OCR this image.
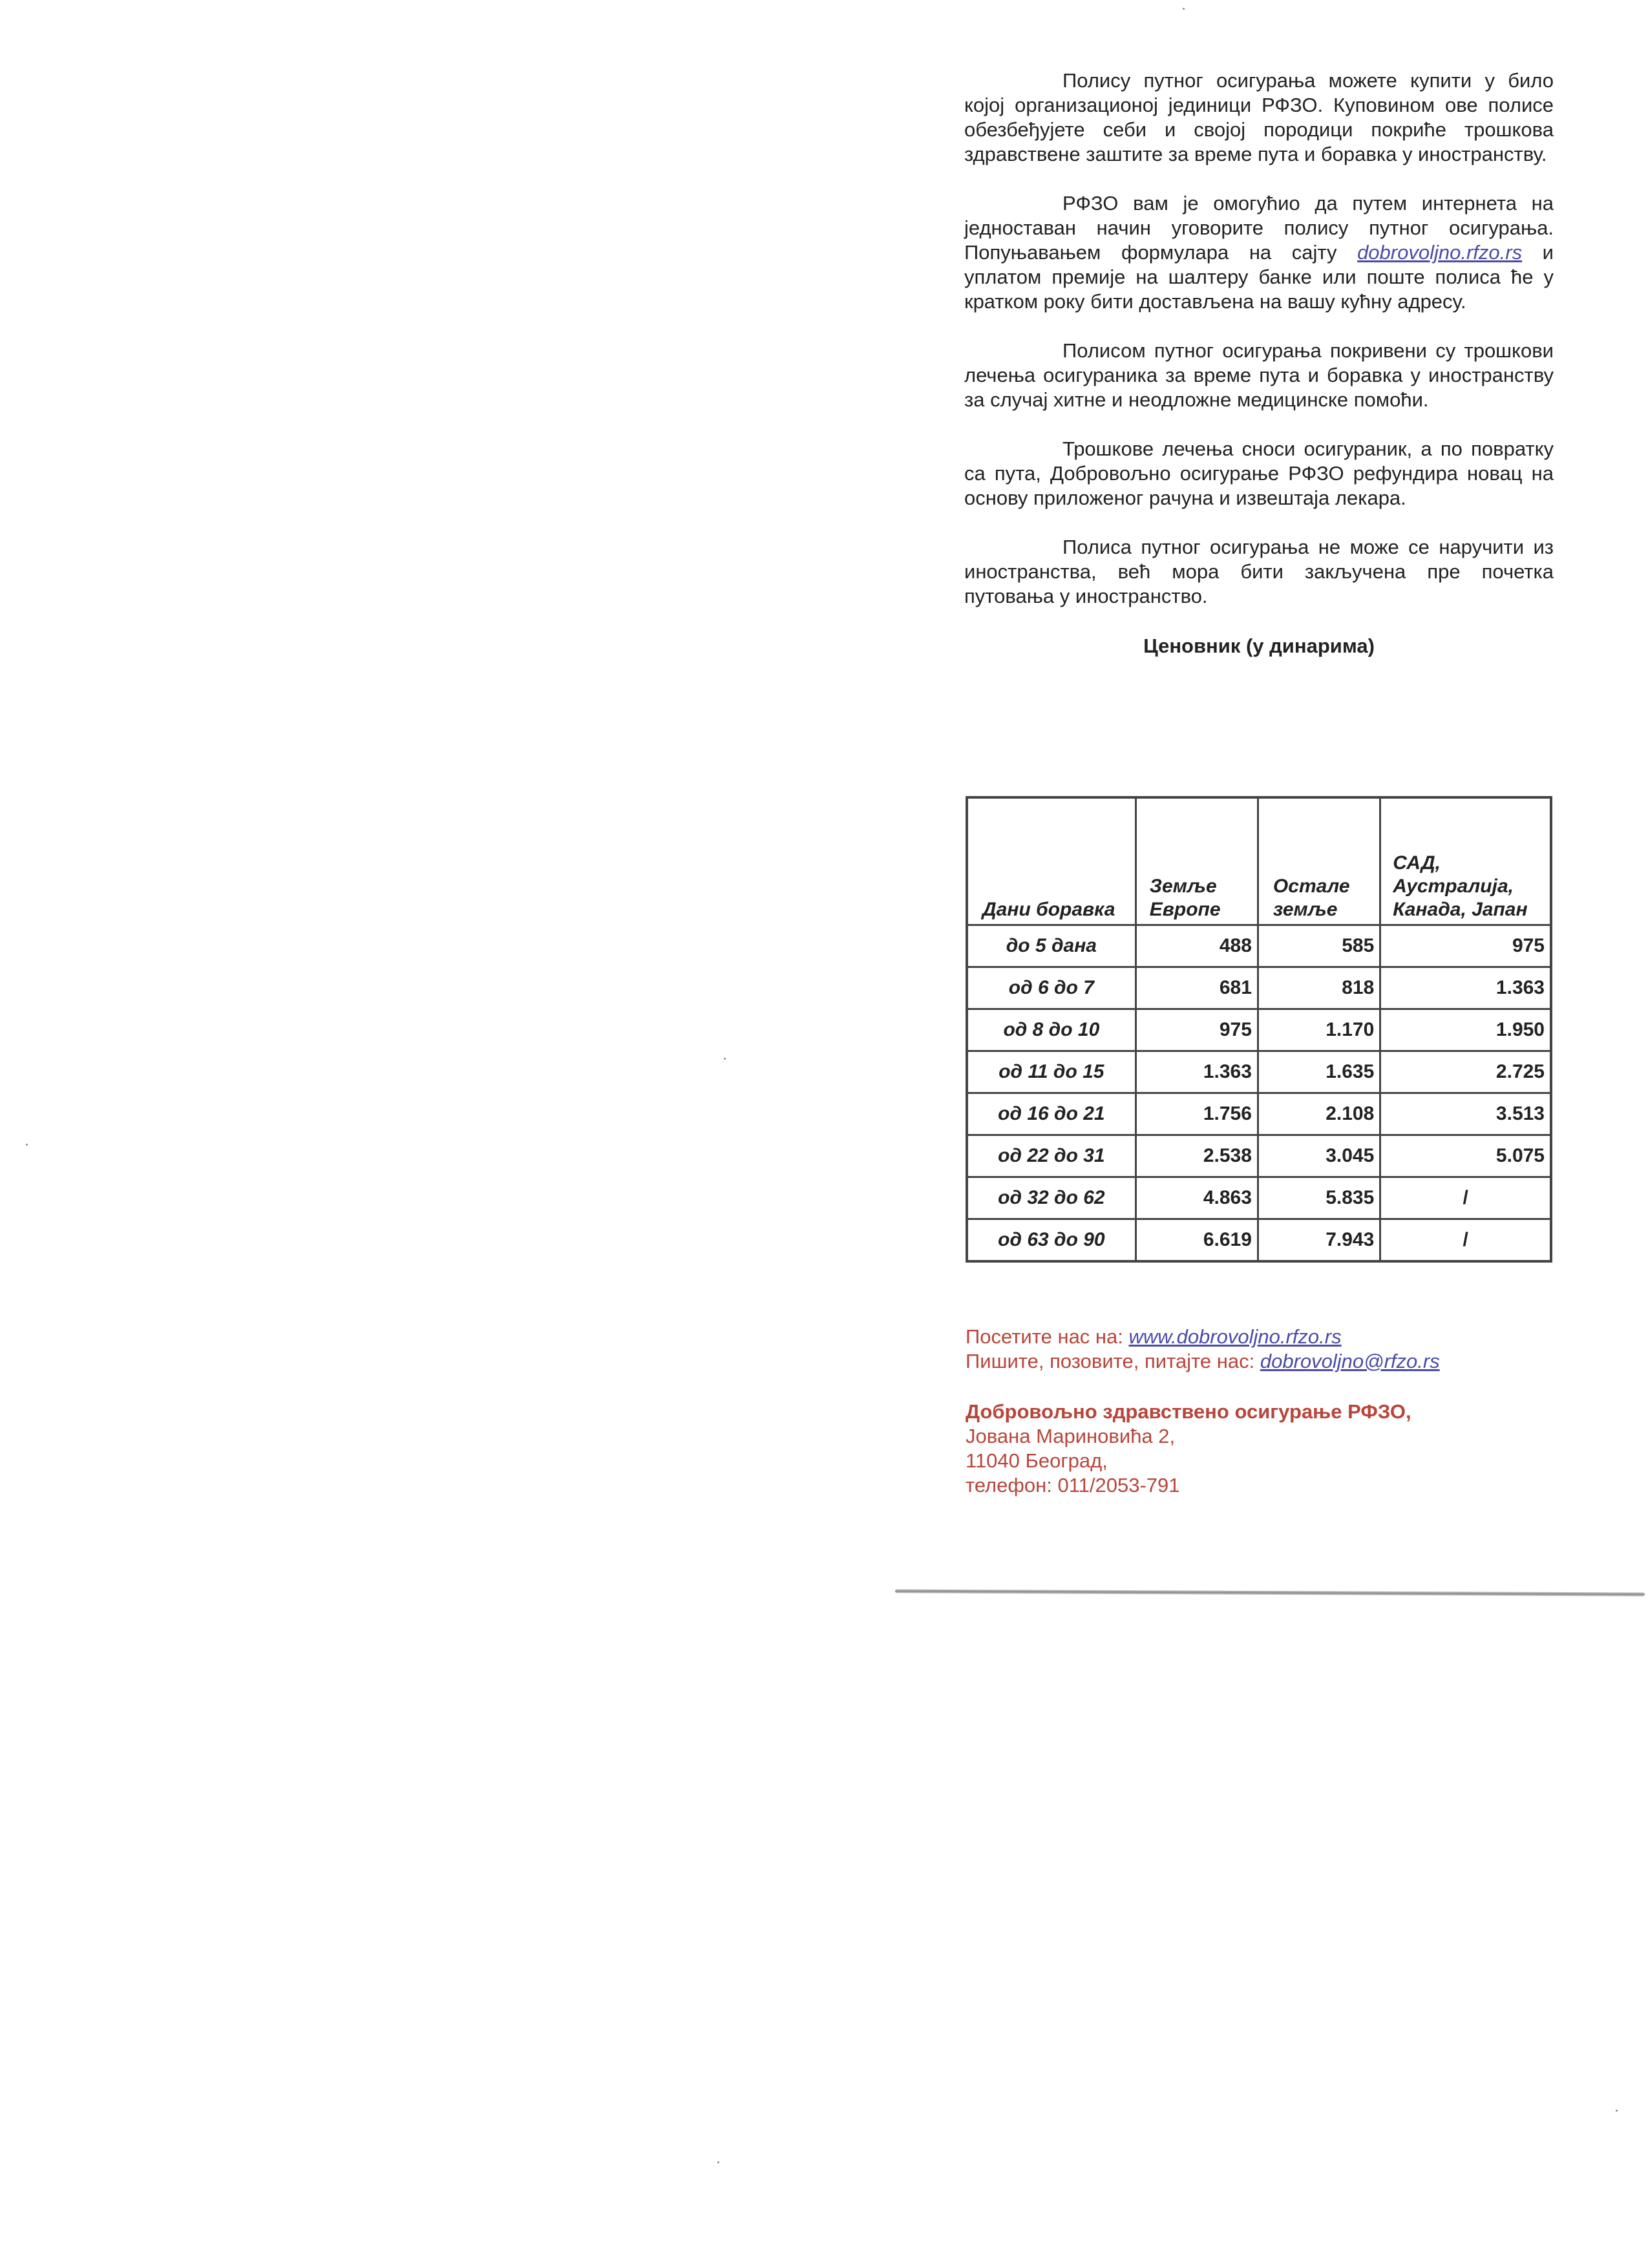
Полису путног осигурања можете купити у било којој организационој јединици РФЗО. Куповином ове полисе обезбеђујете себи и својој породици покриће трошкова здравствене заштите за време пута и боравка у иностранству.

РФЗО вам је омогућио да путем интернета на једноставан начин уговорите полису путног осигурања. Попуњавањем формулара на сајту dobrovoljno.rfzo.rs и уплатом премије на шалтеру банке или поште полиса ће у кратком року бити достављена на вашу кућну адресу.

Полисом путног осигурања покривени су трошкови лечења осигураника за време пута и боравка у иностранству за случај хитне и неодложне медицинске помоћи.

Трошкове лечења сноси осигураник, а по повратку са пута, Добровољно осигурање РФЗО рефундира новац на основу приложеног рачуна и извештаја лекара.

Полиса путног осигурања не може се наручити из иностранства, већ мора бити закључена пре почетка путовања у иностранство.

Ценовник (у динарима)
Дани боравка	Земље Европе	Остале земље	САД, Аустралија, Канада, Јапан
до 5 дана	488	585	975
од 6 до 7	681	818	1.363
од 8 до 10	975	1.170	1.950
од 11 до 15	1.363	1.635	2.725
од 16 до 21	1.756	2.108	3.513
од 22 до 31	2.538	3.045	5.075
од 32 до 62	4.863	5.835	/
од 63 до 90	6.619	7.943	/
Посетите нас на: www.dobrovoljno.rfzo.rs
Пишите, позовите, питајте нас: dobrovoljno@rfzo.rs
Добровољно здравствено осигурање РФЗО,
Јована Мариновића 2,
11040 Београд,
телефон: 011/2053-791
